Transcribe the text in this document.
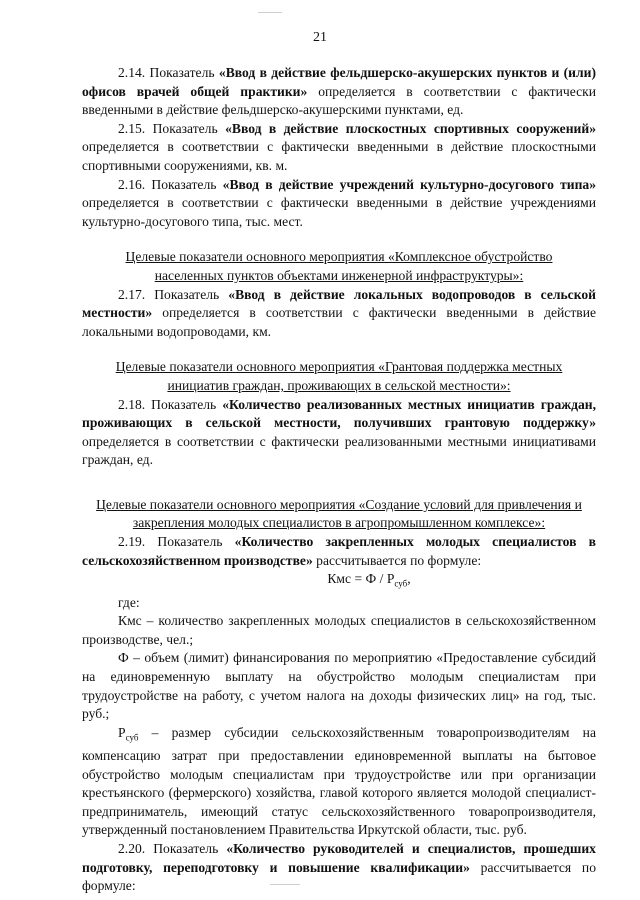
21

2.14. Показатель «Ввод в действие фельдшерско-акушерских пунктов и (или) офисов врачей общей практики» определяется в соответствии с фактически введенными в действие фельдшерско-акушерскими пунктами, ед.

2.15. Показатель «Ввод в действие плоскостных спортивных сооружений» определяется в соответствии с фактически введенными в действие плоскостными спортивными сооружениями, кв. м.

2.16. Показатель «Ввод в действие учреждений культурно-досугового типа» определяется в соответствии с фактически введенными в действие учреждениями культурно-досугового типа, тыс. мест.

Целевые показатели основного мероприятия «Комплексное обустройство населенных пунктов объектами инженерной инфраструктуры»:

2.17. Показатель «Ввод в действие локальных водопроводов в сельской местности» определяется в соответствии с фактически введенными в действие локальными водопроводами, км.

Целевые показатели основного мероприятия «Грантовая поддержка местных инициатив граждан, проживающих в сельской местности»:

2.18. Показатель «Количество реализованных местных инициатив граждан, проживающих в сельской местности, получивших грантовую поддержку» определяется в соответствии с фактически реализованными местными инициативами граждан, ед.

Целевые показатели основного мероприятия «Создание условий для привлечения и закрепления молодых специалистов в агропромышленном комплексе»:

2.19. Показатель «Количество закрепленных молодых специалистов в сельскохозяйственном производстве» рассчитывается по формуле:

Кмс = Ф / $Р_{суб}$,

где:

Кмс – количество закрепленных молодых специалистов в сельскохозяйственном производстве, чел.;

Ф – объем (лимит) финансирования по мероприятию «Предоставление субсидий на единовременную выплату на обустройство молодым специалистам при трудоустройстве на работу, с учетом налога на доходы физических лиц» на год, тыс. руб.;

$Р_{суб}$ – размер субсидии сельскохозяйственным товаропроизводителям на компенсацию затрат при предоставлении единовременной выплаты на бытовое обустройство молодым специалистам при трудоустройстве или при организации крестьянского (фермерского) хозяйства, главой которого является молодой специалист-предприниматель, имеющий статус сельскохозяйственного товаропроизводителя, утвержденный постановлением Правительства Иркутской области, тыс. руб.

2.20. Показатель «Количество руководителей и специалистов, прошедших подготовку, переподготовку и повышение квалификации» рассчитывается по формуле:
